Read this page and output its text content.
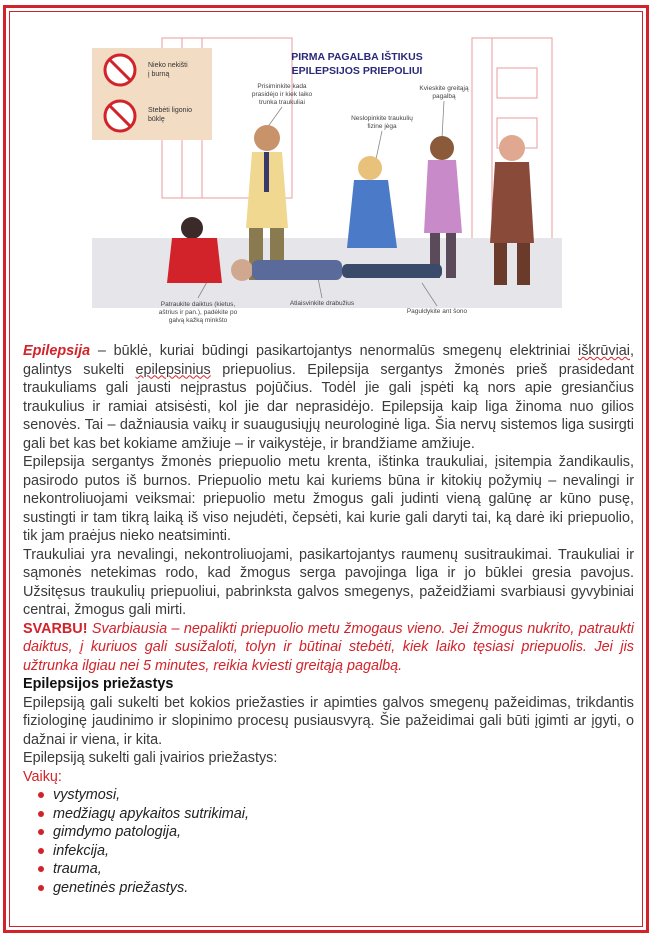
Nieko nekišti
į burną
Stebėti ligonio
būklę
PIRMA PAGALBA IŠTIKUS
EPILEPSIJOS PRIEPOLIUI
Prisiminkite kada
prasidėjo ir kiek laiko
trunka traukuliai
Neslopinkite traukulių
fizine jėga
Kvieskite greitąją
pagalbą
Patraukite daiktus (kietus,
aštrius ir pan.), padėkite po
galvą kažką minkšto
Atlaisvinkite drabužius
Paguldykite ant šono
Epilepsija – būklė, kuriai būdingi pasikartojantys nenormalūs smegenų elektriniai iškrūviai, galintys sukelti epilepsinius priepuolius. Epilepsija sergantys žmonės prieš prasidedant traukuliams gali jausti neįprastus pojūčius. Todėl jie gali įspėti ką nors apie gresiančius traukulius ir ramiai atsisėsti, kol jie dar neprasidėjo. Epilepsija kaip liga žinoma nuo gilios senovės. Tai – dažniausia vaikų ir suaugusiųjų neurologinė liga. Šia nervų sistemos liga susirgti gali bet kas bet kokiame amžiuje – ir vaikystėje, ir brandžiame amžiuje.
Epilepsija sergantys žmonės priepuolio metu krenta, ištinka traukuliai, įsitempia žandikaulis, pasirodo putos iš burnos. Priepuolio metu kai kuriems būna ir kitokių požymių – nevalingi ir nekontroliuojami veiksmai: priepuolio metu žmogus gali judinti vieną galūnę ar kūno pusę, sustingti ir tam tikrą laiką iš viso nejudėti, čepsėti, kai kurie gali daryti tai, ką darė iki priepuolio, tik jam praėjus nieko neatsiminti.
Traukuliai yra nevalingi, nekontroliuojami, pasikartojantys raumenų susitraukimai. Traukuliai ir sąmonės netekimas rodo, kad žmogus serga pavojinga liga ir jo būklei gresia pavojus. Užsitęsus traukulių priepuoliui, pabrinksta galvos smegenys, pažeidžiami svarbiausi gyvybiniai centrai, žmogus gali mirti.
SVARBU! Svarbiausia – nepalikti priepuolio metu žmogaus vieno. Jei žmogus nukrito, patraukti daiktus, į kuriuos gali susižaloti, tolyn ir būtinai stebėti, kiek laiko tęsiasi priepuolis. Jei jis užtrunka ilgiau nei 5 minutes, reikia kviesti greitąją pagalbą.
Epilepsijos priežastys
Epilepsiją gali sukelti bet kokios priežasties ir apimties galvos smegenų pažeidimas, trikdantis fiziologinę jaudinimo ir slopinimo procesų pusiausvyrą. Šie pažeidimai gali būti įgimti ar įgyti, o dažnai ir viena, ir kita.
Epilepsiją sukelti gali įvairios priežastys:
Vaikų:
vystymosi,
medžiagų apykaitos sutrikimai,
gimdymo patologija,
infekcija,
trauma,
genetinės priežastys.
